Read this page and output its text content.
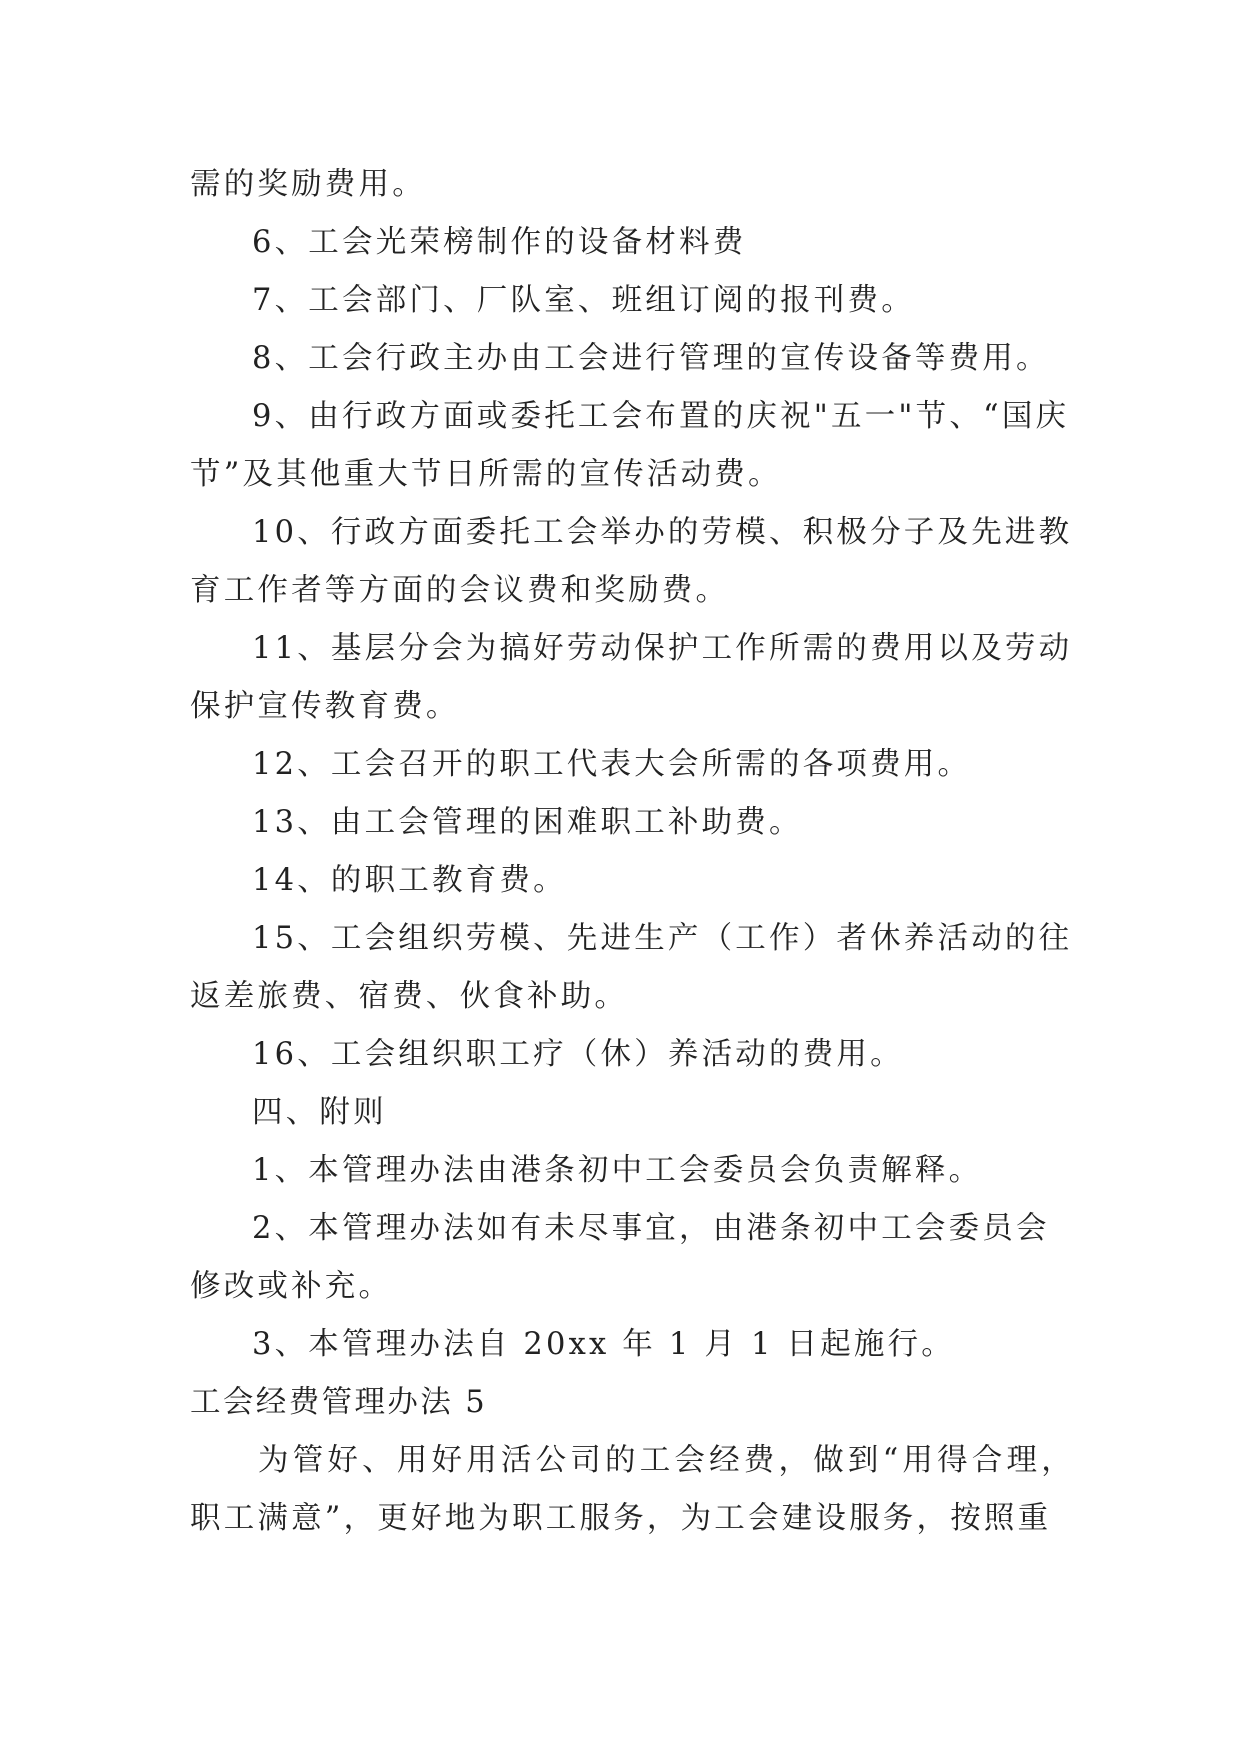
需的奖励费用。
6、工会光荣榜制作的设备材料费
7、工会部门、厂队室、班组订阅的报刊费。
8、工会行政主办由工会进行管理的宣传设备等费用。
9、由行政方面或委托工会布置的庆祝"五一"节、“国庆
节”及其他重大节日所需的宣传活动费。
10、行政方面委托工会举办的劳模、积极分子及先进教
育工作者等方面的会议费和奖励费。
11、基层分会为搞好劳动保护工作所需的费用以及劳动
保护宣传教育费。
12、工会召开的职工代表大会所需的各项费用。
13、由工会管理的困难职工补助费。
14、的职工教育费。
15、工会组织劳模、先进生产（工作）者休养活动的往
返差旅费、宿费、伙食补助。
16、工会组织职工疗（休）养活动的费用。
四、附则
1、本管理办法由港条初中工会委员会负责解释。
2、本管理办法如有未尽事宜，由港条初中工会委员会
修改或补充。
3、本管理办法自 20xx 年 1 月 1 日起施行。
工会经费管理办法 5
为管好、用好用活公司的工会经费，做到“用得合理，
职工满意”，更好地为职工服务，为工会建设服务，按照重
